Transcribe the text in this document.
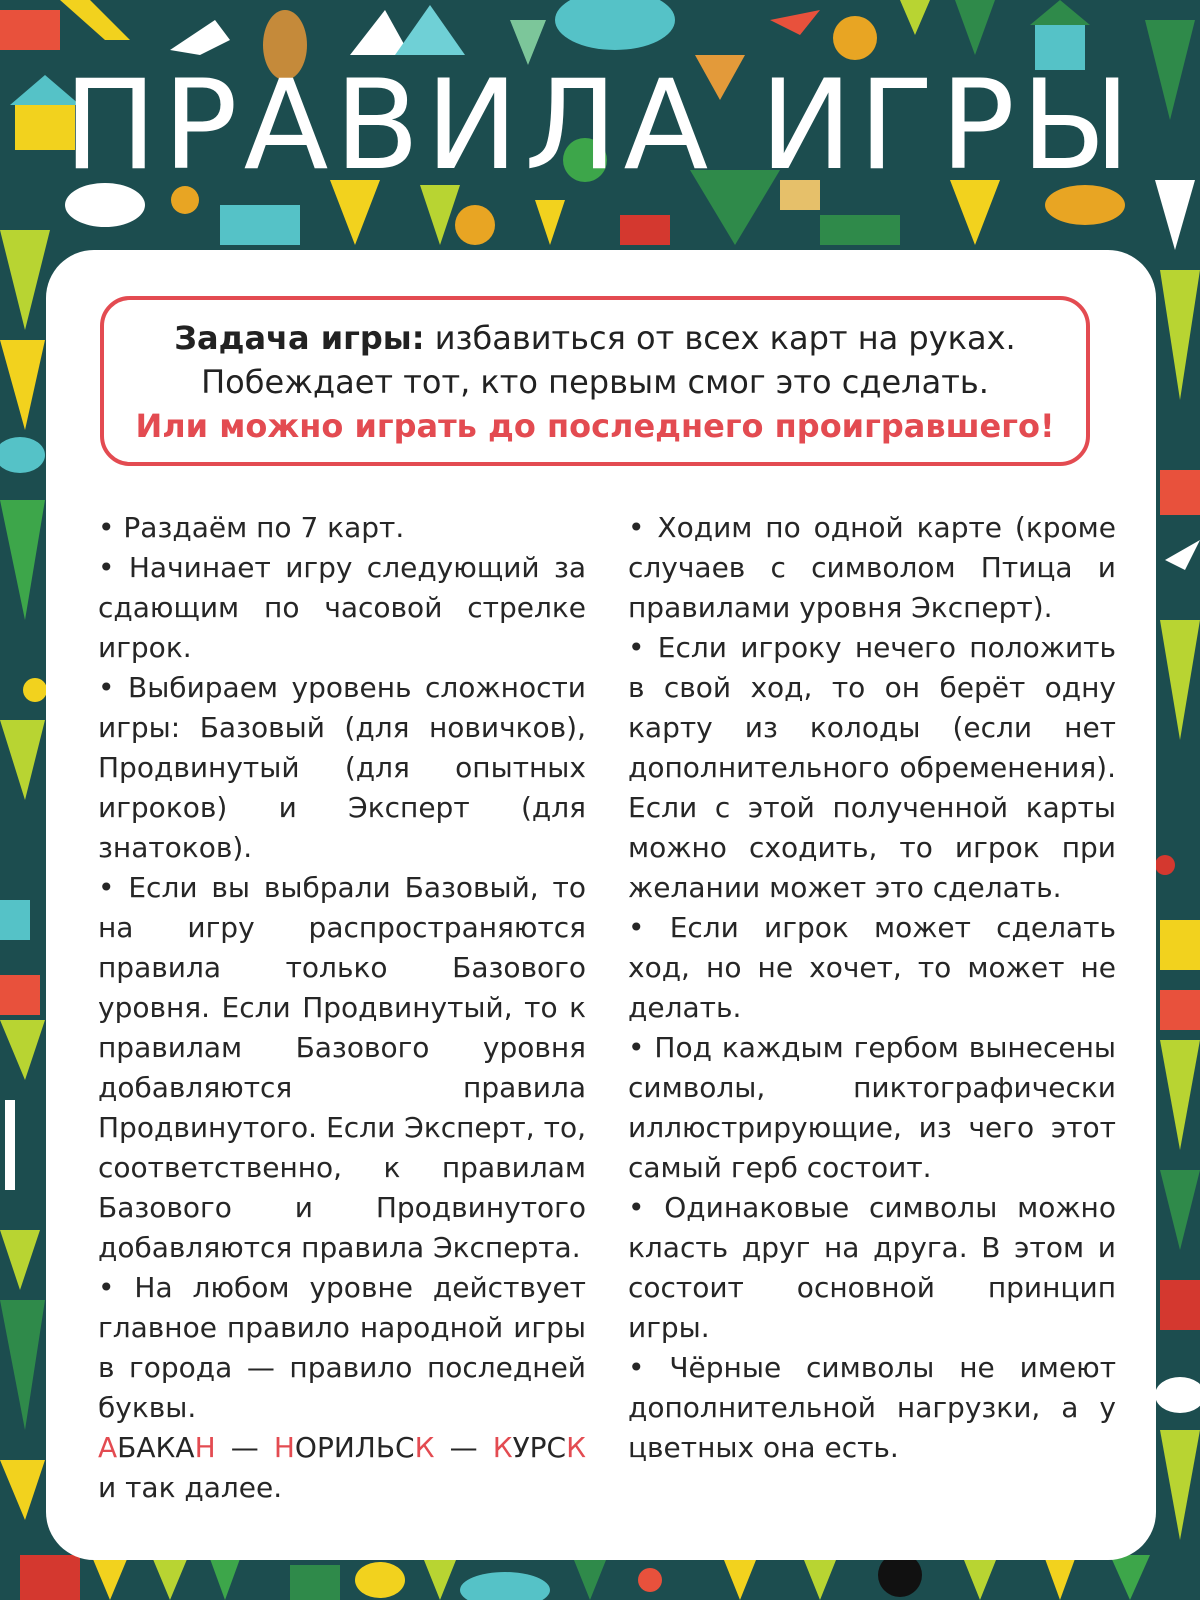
ПРАВИЛА ИГРЫ
Задача игры: избавиться от всех карт на руках.
Побеждает тот, кто первым смог это сделать.
Или можно играть до последнего проигравшего!

• Раздаём по 7 карт.

• Начинает игру следующий за сдающим по часовой стрелке игрок.

• Выбираем уровень сложности игры: Базовый (для новичков), Продвинутый (для опытных игроков) и Эксперт (для знатоков).

• Если вы выбрали Базовый, то на игру распространяются правила только Базового уровня. Если Продвинутый, то к правилам Базового уровня добавляются правила Продвинутого. Если Эксперт, то, соответственно, к правилам Базового и Продвинутого добавляются правила Эксперта.

• На любом уровне действует главное правило народной игры в города — правило последней буквы.

АБАКАН — НОРИЛЬСК — КУРСК и так далее.

• Ходим по одной карте (кроме случаев с символом Птица и правилами уровня Эксперт).

• Если игроку нечего положить в свой ход, то он берёт одну карту из колоды (если нет дополнительного обременения). Если с этой полученной карты можно сходить, то игрок при желании может это сделать.

• Если игрок может сделать ход, но не хочет, то может не делать.

• Под каждым гербом вынесены символы, пиктографически иллюстрирующие, из чего этот самый герб состоит.

• Одинаковые символы можно класть друг на друга. В этом и состоит основной принцип игры.

• Чёрные символы не имеют дополнительной нагрузки, а у цветных она есть.
